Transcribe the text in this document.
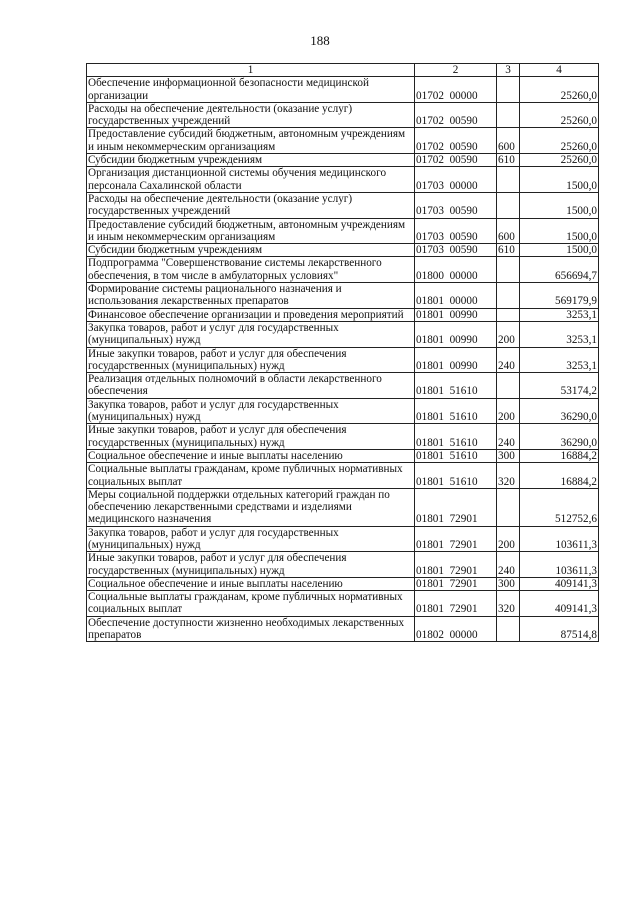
188
1	2	3	4
Обеспечение информационной безопасности медицинской организации	01702  00000		25260,0
Расходы на обеспечение деятельности (оказание услуг) государственных учреждений	01702  00590		25260,0
Предоставление субсидий бюджетным, автономным учреждениям и иным некоммерческим организациям	01702  00590	600	25260,0
Субсидии бюджетным учреждениям	01702  00590	610	25260,0
Организация дистанционной системы обучения медицинского персонала Сахалинской области	01703  00000		1500,0
Расходы на обеспечение деятельности (оказание услуг) государственных учреждений	01703  00590		1500,0
Предоставление субсидий бюджетным, автономным учреждениям и иным некоммерческим организациям	01703  00590	600	1500,0
Субсидии бюджетным учреждениям	01703  00590	610	1500,0
Подпрограмма "Совершенствование системы лекарственного обеспечения, в том числе в амбулаторных условиях"	01800  00000		656694,7
Формирование системы рационального назначения и использования лекарственных препаратов	01801  00000		569179,9
Финансовое обеспечение организации и проведения мероприятий	01801  00990		3253,1
Закупка товаров, работ и услуг для государственных (муниципальных) нужд	01801  00990	200	3253,1
Иные закупки товаров, работ и услуг для обеспечения государственных (муниципальных) нужд	01801  00990	240	3253,1
Реализация отдельных полномочий в области лекарственного обеспечения	01801  51610		53174,2
Закупка товаров, работ и услуг для государственных (муниципальных) нужд	01801  51610	200	36290,0
Иные закупки товаров, работ и услуг для обеспечения государственных (муниципальных) нужд	01801  51610	240	36290,0
Социальное обеспечение и иные выплаты населению	01801  51610	300	16884,2
Социальные выплаты гражданам, кроме публичных нормативных социальных выплат	01801  51610	320	16884,2
Меры социальной поддержки отдельных категорий граждан по обеспечению лекарственными средствами и изделиями медицинского назначения	01801  72901		512752,6
Закупка товаров, работ и услуг для государственных (муниципальных) нужд	01801  72901	200	103611,3
Иные закупки товаров, работ и услуг для обеспечения государственных (муниципальных) нужд	01801  72901	240	103611,3
Социальное обеспечение и иные выплаты населению	01801  72901	300	409141,3
Социальные выплаты гражданам, кроме публичных нормативных социальных выплат	01801  72901	320	409141,3
Обеспечение доступности жизненно необходимых лекарственных препаратов	01802  00000		87514,8
